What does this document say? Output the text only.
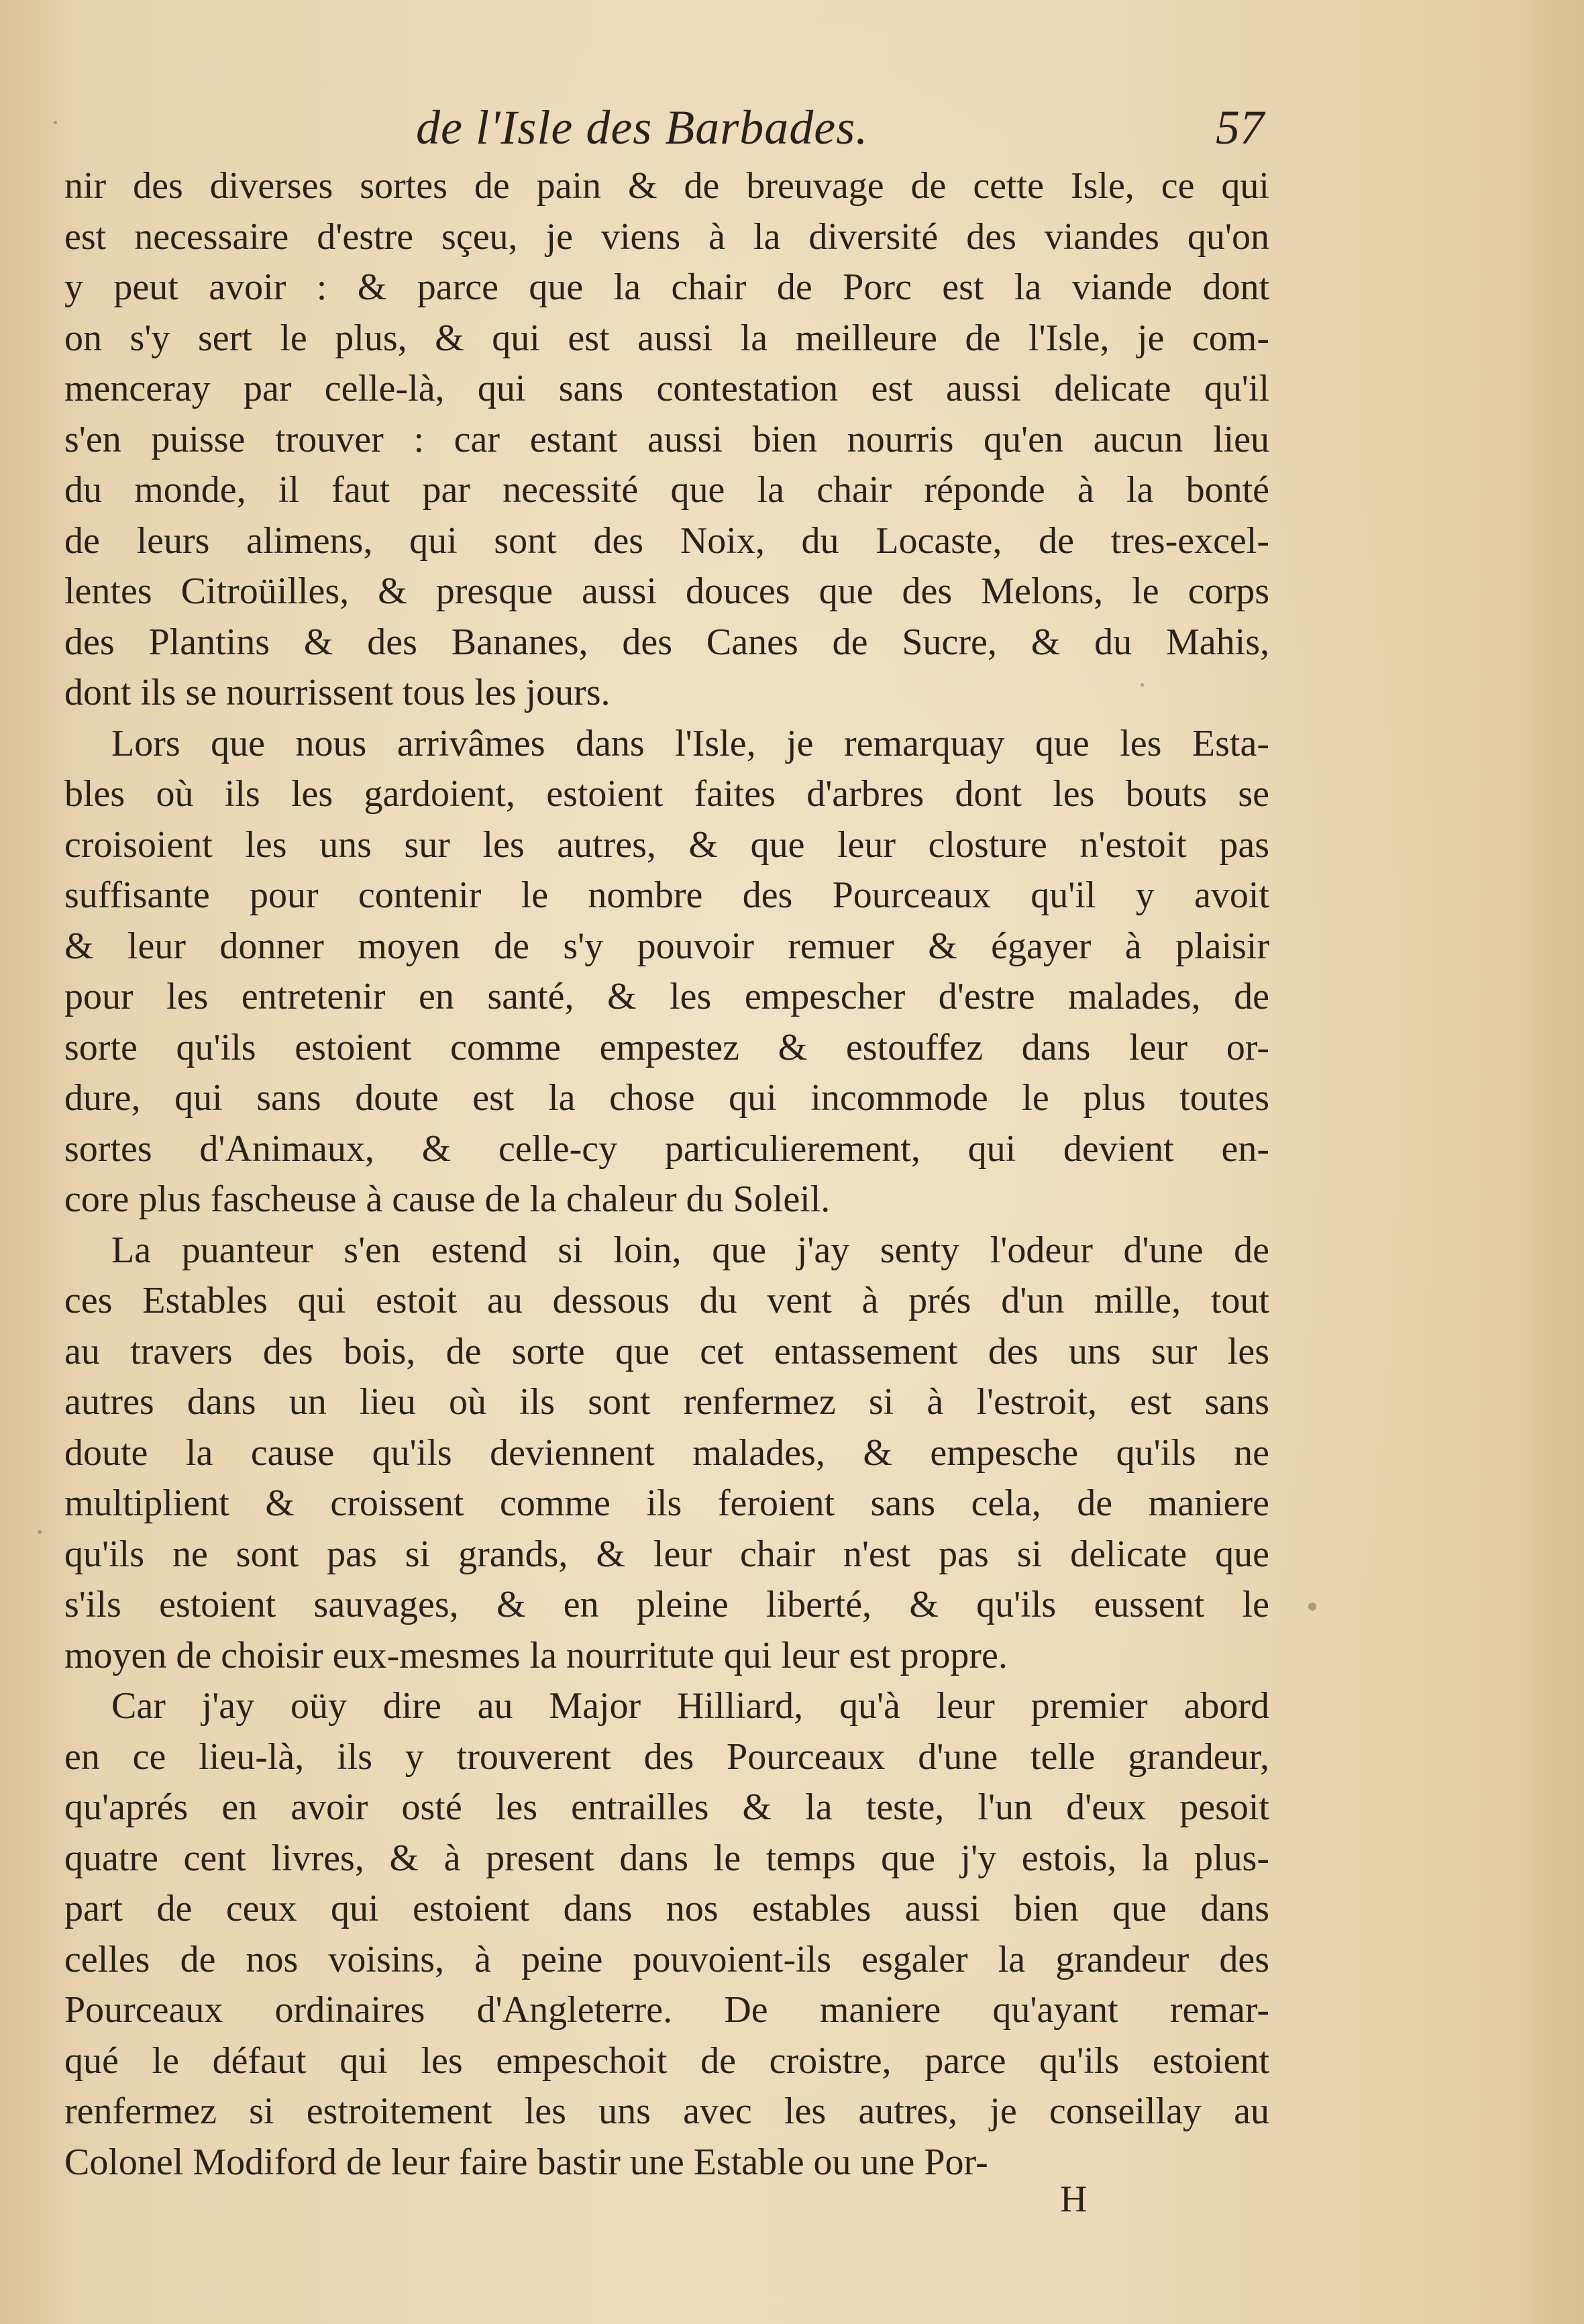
de l'Isle des Barbades.	57
nir des diverses sortes de pain & de breuvage de cette Isle, ce qui
est necessaire d'estre sçeu, je viens à la diversité des viandes qu'on
y peut avoir : & parce que la chair de Porc est la viande dont
on s'y sert le plus, & qui est aussi la meilleure de l'Isle, je com-
menceray par celle-là, qui sans contestation est aussi delicate qu'il
s'en puisse trouver : car estant aussi bien nourris qu'en aucun lieu
du monde, il faut par necessité que la chair réponde à la bonté
de leurs alimens, qui sont des Noix, du Locaste, de tres-excel-
lentes Citroüilles, & presque aussi douces que des Melons, le corps
des Plantins & des Bananes, des Canes de Sucre, & du Mahis,
dont ils se nourrissent tous les jours.
Lors que nous arrivâmes dans l'Isle, je remarquay que les Esta-
bles où ils les gardoient, estoient faites d'arbres dont les bouts se
croisoient les uns sur les autres, & que leur closture n'estoit pas
suffisante pour contenir le nombre des Pourceaux qu'il y avoit
& leur donner moyen de s'y pouvoir remuer & égayer à plaisir
pour les entretenir en santé, & les empescher d'estre malades, de
sorte qu'ils estoient comme empestez & estouffez dans leur or-
dure, qui sans doute est la chose qui incommode le plus toutes
sortes d'Animaux, & celle-cy particulierement, qui devient en-
core plus fascheuse à cause de la chaleur du Soleil.
La puanteur s'en estend si loin, que j'ay senty l'odeur d'une de
ces Estables qui estoit au dessous du vent à prés d'un mille, tout
au travers des bois, de sorte que cet entassement des uns sur les
autres dans un lieu où ils sont renfermez si à l'estroit, est sans
doute la cause qu'ils deviennent malades, & empesche qu'ils ne
multiplient & croissent comme ils feroient sans cela, de maniere
qu'ils ne sont pas si grands, & leur chair n'est pas si delicate que
s'ils estoient sauvages, & en pleine liberté, & qu'ils eussent le
moyen de choisir eux-mesmes la nourritute qui leur est propre.
Car j'ay oüy dire au Major Hilliard, qu'à leur premier abord
en ce lieu-là, ils y trouverent des Pourceaux d'une telle grandeur,
qu'aprés en avoir osté les entrailles & la teste, l'un d'eux pesoit
quatre cent livres, & à present dans le temps que j'y estois, la plus-
part de ceux qui estoient dans nos estables aussi bien que dans
celles de nos voisins, à peine pouvoient-ils esgaler la grandeur des
Pourceaux ordinaires d'Angleterre. De maniere qu'ayant remar-
qué le défaut qui les empeschoit de croistre, parce qu'ils estoient
renfermez si estroitement les uns avec les autres, je conseillay au
Colonel Modiford de leur faire bastir une Estable ou une Por-
H
